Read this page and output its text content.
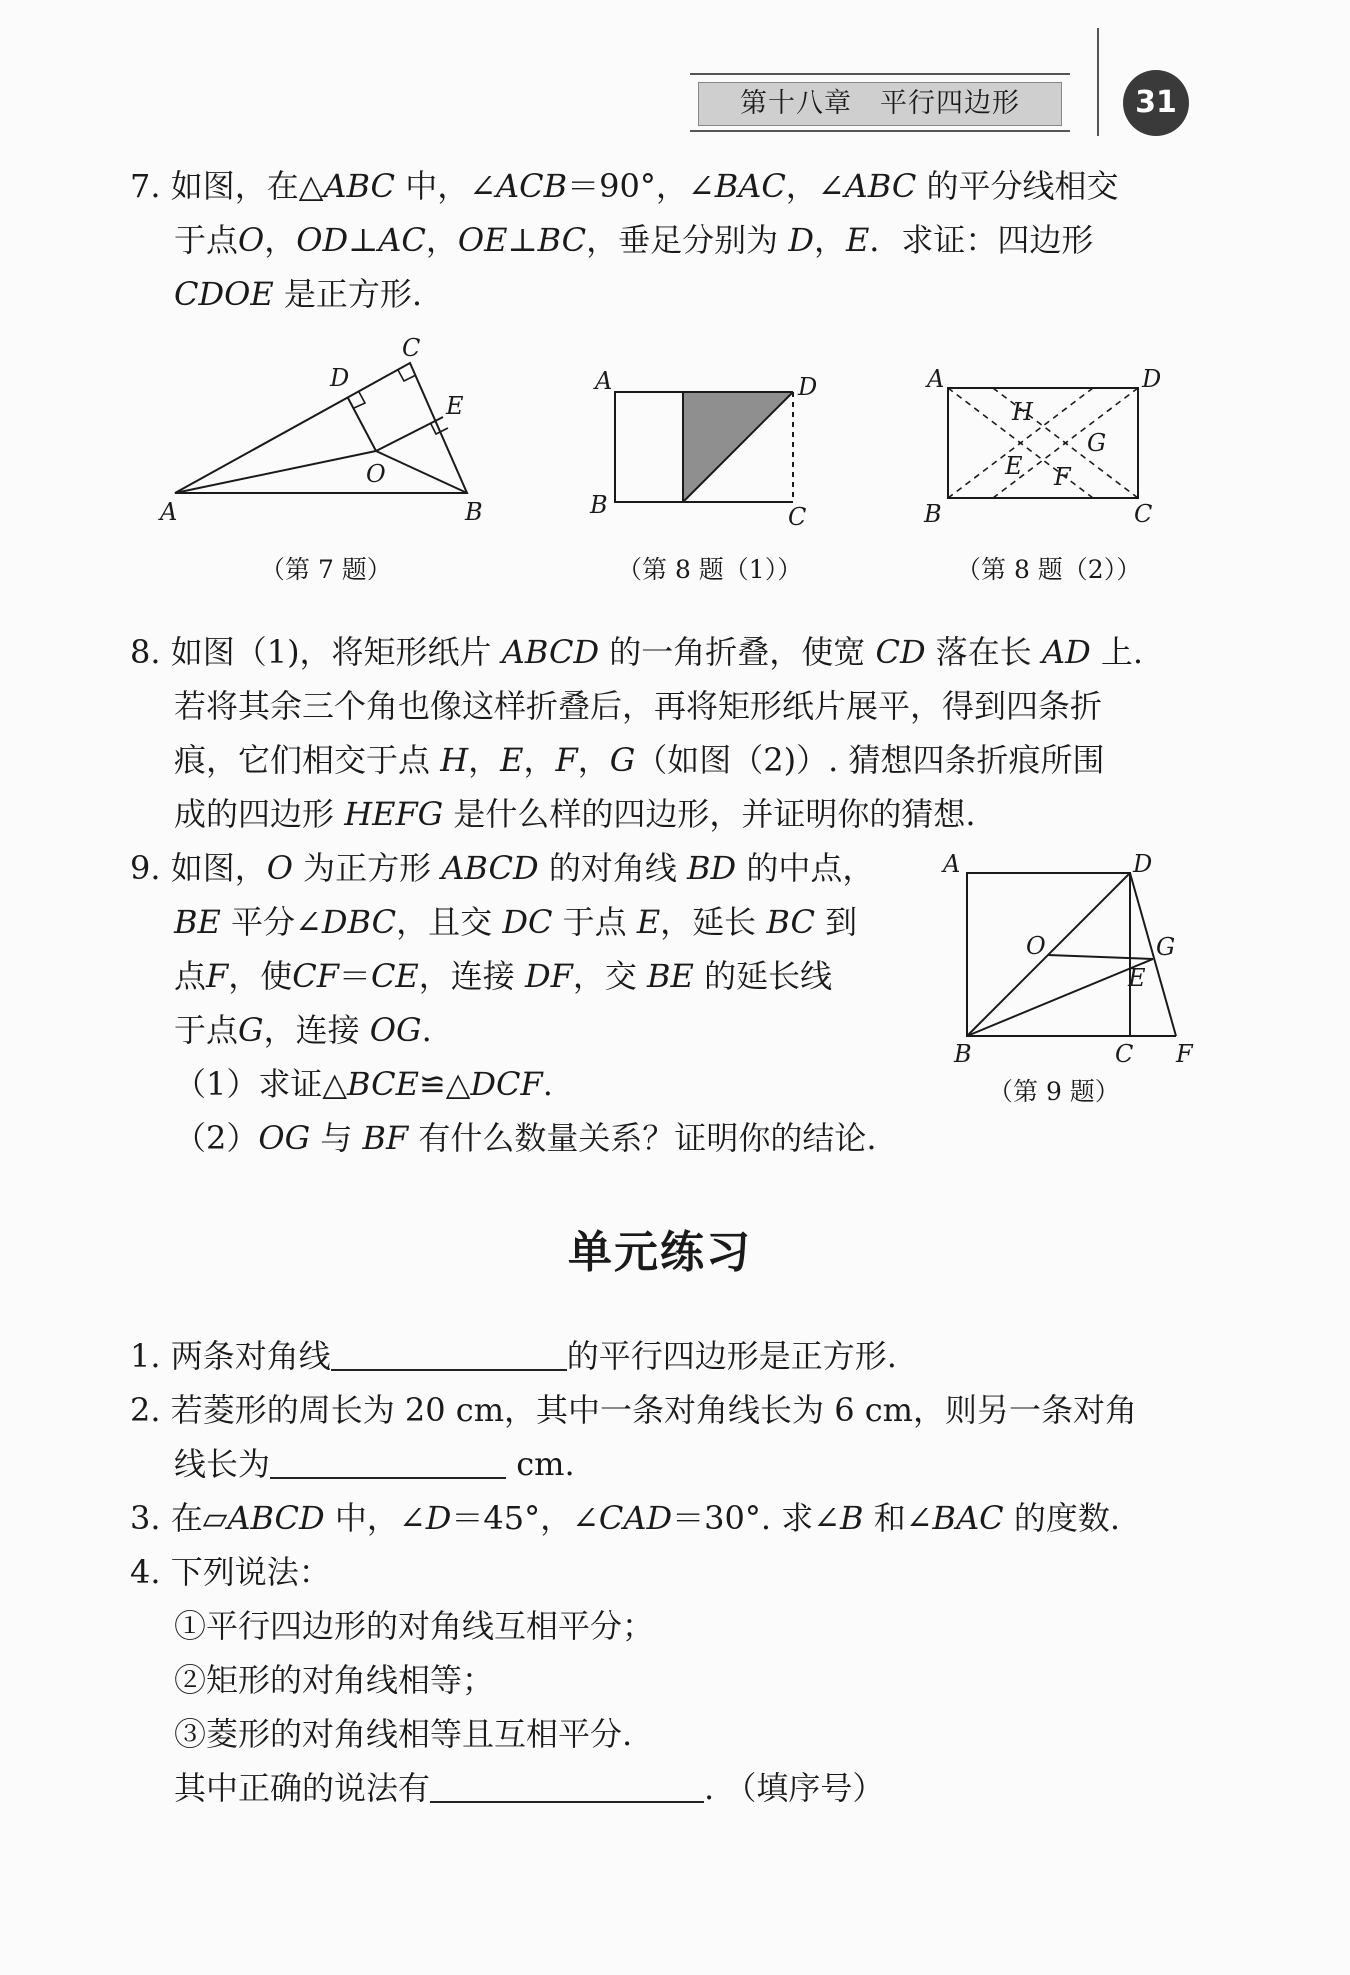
第十八章　平行四边形	31
7. 如图，在△ABC 中，∠ACB＝90°，∠BAC，∠ABC 的平分线相交
于点O，OD⊥AC，OE⊥BC，垂足分别为 D，E．求证：四边形
CDOE 是正方形.
A	B
C
D
E
O
（第 7 题）
A	D
B	C
（第 8 题（1））
A	D
B	C
H
E F
G
（第 8 题（2））
8. 如图（1)，将矩形纸片 ABCD 的一角折叠，使宽 CD 落在长 AD 上.
若将其余三个角也像这样折叠后，再将矩形纸片展平，得到四条折
痕，它们相交于点 H，E，F，G（如图（2)）. 猜想四条折痕所围
成的四边形 HEFG 是什么样的四边形，并证明你的猜想.
9. 如图，O 为正方形 ABCD 的对角线 BD 的中点，
BE 平分∠DBC，且交 DC 于点 E，延长 BC 到
点F，使CF＝CE，连接 DF，交 BE 的延长线
于点G，连接 OG.
（1）求证△BCE≌△DCF.
（2）OG 与 BF 有什么数量关系？证明你的结论.
A	D
B	C F
G
O
E
（第 9 题）
单元练习
1. 两条对角线	的平行四边形是正方形.
2. 若菱形的周长为 20 cm，其中一条对角线长为 6 cm，则另一条对角
线长为	cm.
3. 在▱ABCD 中，∠D＝45°，∠CAD＝30°. 求∠B 和∠BAC 的度数.
4. 下列说法：
①平行四边形的对角线互相平分；
②矩形的对角线相等；
③菱形的对角线相等且互相平分.
其中正确的说法有	. （填序号）
